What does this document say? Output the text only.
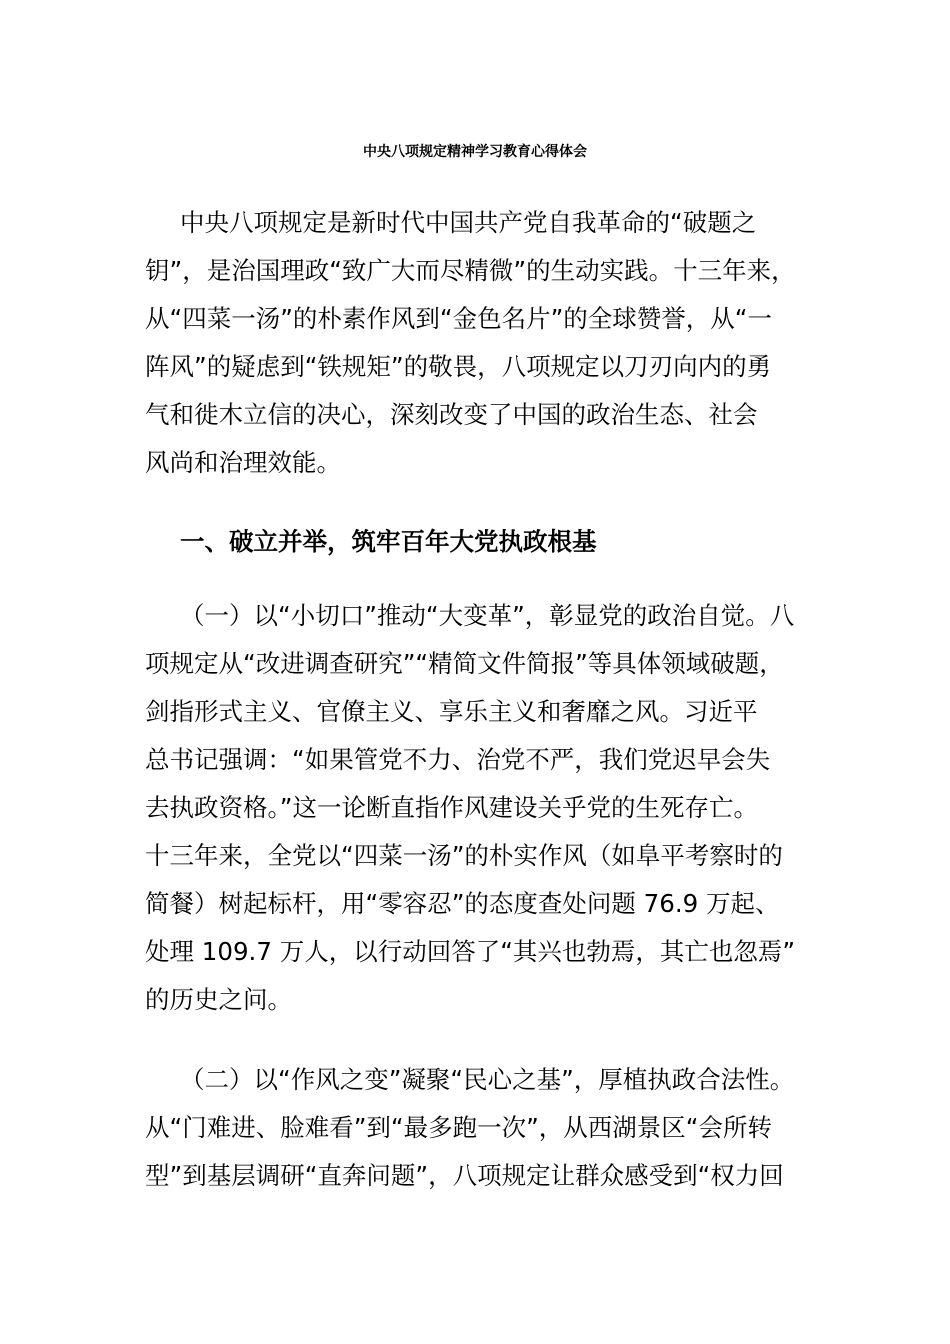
中央八项规定精神学习教育心得体会
中央八项规定是新时代中国共产党自我革命的“破题之
钥”，是治国理政“致广大而尽精微”的生动实践。十三年来，
从“四菜一汤”的朴素作风到“金色名片”的全球赞誉，从“一
阵风”的疑虑到“铁规矩”的敬畏，八项规定以刀刃向内的勇
气和徙木立信的决心，深刻改变了中国的政治生态、社会
风尚和治理效能。
一、破立并举，筑牢百年大党执政根基
（一）以“小切口”推动“大变革”，彰显党的政治自觉。八
项规定从“改进调查研究”“精简文件简报”等具体领域破题，
剑指形式主义、官僚主义、享乐主义和奢靡之风。习近平
总书记强调：“如果管党不力、治党不严，我们党迟早会失
去执政资格。”这一论断直指作风建设关乎党的生死存亡。
十三年来，全党以“四菜一汤”的朴实作风（如阜平考察时的
简餐）树起标杆，用“零容忍”的态度查处问题 76.9 万起、
处理 109.7 万人，以行动回答了“其兴也勃焉，其亡也忽焉”
的历史之问。
（二）以“作风之变”凝聚“民心之基”，厚植执政合法性。
从“门难进、脸难看”到“最多跑一次”，从西湖景区“会所转
型”到基层调研“直奔问题”，八项规定让群众感受到“权力回
